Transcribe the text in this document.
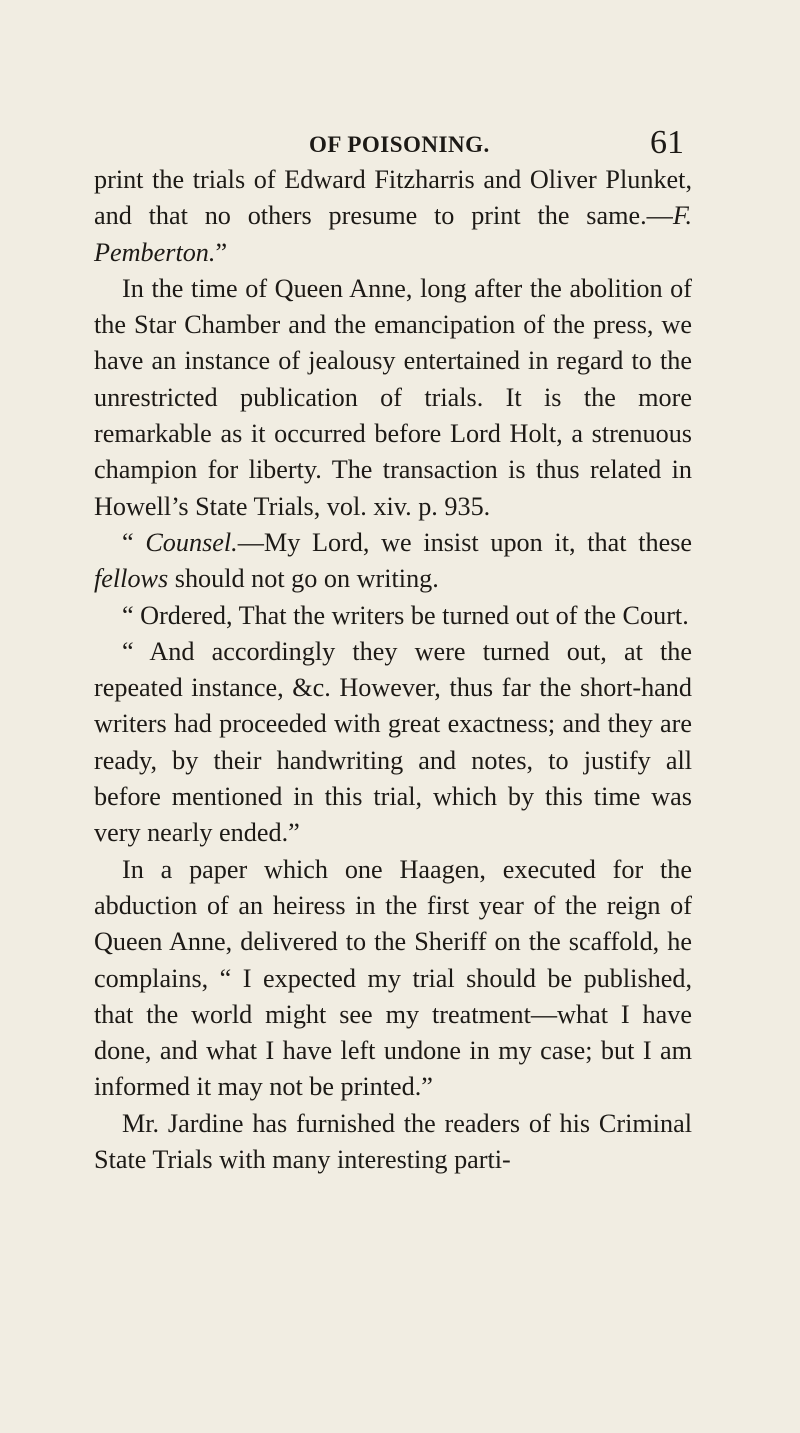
OF POISONING.	61

print the trials of Edward Fitzharris and Oliver Plunket, and that no others presume to print the same.—F. Pemberton.”

In the time of Queen Anne, long after the abolition of the Star Chamber and the emancipation of the press, we have an instance of jealousy entertained in regard to the unrestricted publication of trials. It is the more remarkable as it occurred before Lord Holt, a strenuous champion for liberty. The transaction is thus related in Howell’s State Trials, vol. xiv. p. 935.

“ Counsel.—My Lord, we insist upon it, that these fellows should not go on writing.

“ Ordered, That the writers be turned out of the Court.

“ And accordingly they were turned out, at the repeated instance, &c. However, thus far the short-hand writers had proceeded with great exactness; and they are ready, by their handwriting and notes, to justify all before mentioned in this trial, which by this time was very nearly ended.”

In a paper which one Haagen, executed for the abduction of an heiress in the first year of the reign of Queen Anne, delivered to the Sheriff on the scaffold, he complains, “ I expected my trial should be published, that the world might see my treatment—what I have done, and what I have left undone in my case; but I am informed it may not be printed.”

Mr. Jardine has furnished the readers of his Criminal State Trials with many interesting parti-
